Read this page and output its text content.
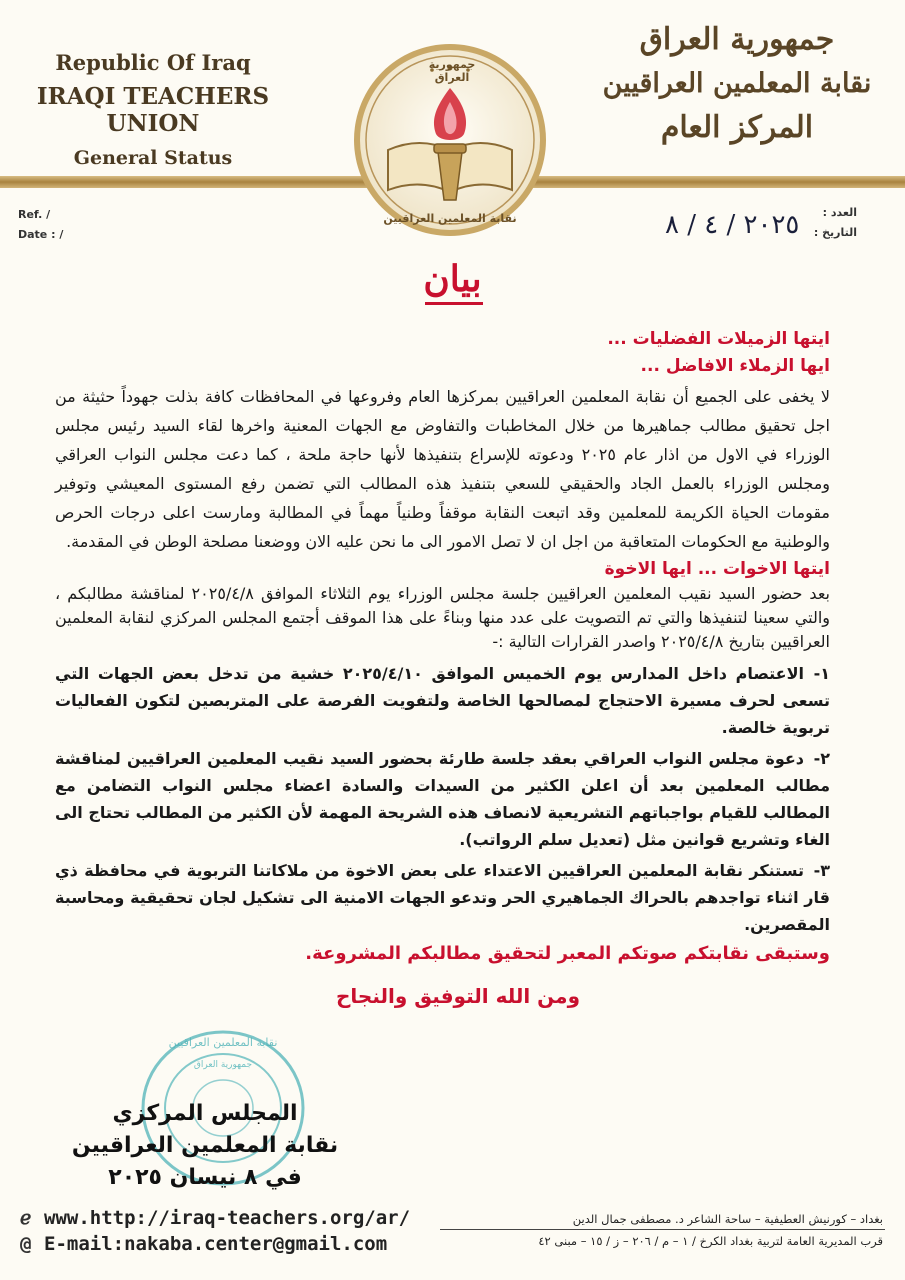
Republic Of Iraq
IRAQI TEACHERS UNION
General Status
جمهورية العراق
نقابة المعلمين العراقيين
المركز العام
جمهورية العراق
نقابة المعلمين العراقيين
Ref. /
Date : /
العدد :
التاريخ :
٢٠٢٥ / ٤ / ٨
بيان
ايتها الزميلات الفضليات ...
ايها الزملاء الافاضل ...
لا يخفى على الجميع أن نقابة المعلمين العراقيين بمركزها العام وفروعها في المحافظات كافة بذلت جهوداً حثيثة من اجل تحقيق مطالب جماهيرها من خلال المخاطبات والتفاوض مع الجهات المعنية واخرها لقاء السيد رئيس مجلس الوزراء في الاول من اذار عام ٢٠٢٥ ودعوته للإسراع بتنفيذها لأنها حاجة ملحة ، كما دعت مجلس النواب العراقي ومجلس الوزراء بالعمل الجاد والحقيقي للسعي بتنفيذ هذه المطالب التي تضمن رفع المستوى المعيشي وتوفير مقومات الحياة الكريمة للمعلمين وقد اتبعت النقابة موقفاً وطنياً مهماً في المطالبة ومارست اعلى درجات الحرص والوطنية مع الحكومات المتعاقبة من اجل ان لا تصل الامور الى ما نحن عليه الان ووضعنا مصلحة الوطن في المقدمة.
ايتها الاخوات ... ايها الاخوة
بعد حضور السيد نقيب المعلمين العراقيين جلسة مجلس الوزراء يوم الثلاثاء الموافق ٢٠٢٥/٤/٨ لمناقشة مطالبكم ، والتي سعينا لتنفيذها والتي تم التصويت على عدد منها وبناءً على هذا الموقف أجتمع المجلس المركزي لنقابة المعلمين العراقيين بتاريخ ٢٠٢٥/٤/٨ واصدر القرارات التالية :-
١-الاعتصام داخل المدارس يوم الخميس الموافق ٢٠٢٥/٤/١٠ خشية من تدخل بعض الجهات التي تسعى لحرف مسيرة الاحتجاج لمصالحها الخاصة ولتفويت الفرصة على المتربصين لتكون الفعاليات تربوية خالصة.
٢-دعوة مجلس النواب العراقي بعقد جلسة طارئة بحضور السيد نقيب المعلمين العراقيين لمناقشة مطالب المعلمين بعد أن اعلن الكثير من السيدات والسادة اعضاء مجلس النواب التضامن مع المطالب للقيام بواجباتهم التشريعية لانصاف هذه الشريحة المهمة لأن الكثير من المطالب تحتاج الى الغاء وتشريع قوانين مثل (تعديل سلم الرواتب).
٣-تستنكر نقابة المعلمين العراقيين الاعتداء على بعض الاخوة من ملاكاتنا التربوية في محافظة ذي قار اثناء تواجدهم بالحراك الجماهيري الحر وتدعو الجهات الامنية الى تشكيل لجان تحقيقية ومحاسبة المقصرين.
وستبقى نقابتكم صوتكم المعبر لتحقيق مطالبكم المشروعة.
ومن الله التوفيق والنجاح
نقابة المعلمين العراقيين
جمهورية العراق
المجلس المركزي
نقابة المعلمين العراقيين
في ٨ نيسان ٢٠٢٥
ℯ www.http://iraq-teachers.org/ar/
@ E-mail:nakaba.center@gmail.com
بغداد – كورنيش العطيفية – ساحة الشاعر د. مصطفى جمال الدين
قرب المديرية العامة لتربية بغداد الكرخ / ١ – م / ٢٠٦ – ز / ١٥ – مبنى ٤٢
